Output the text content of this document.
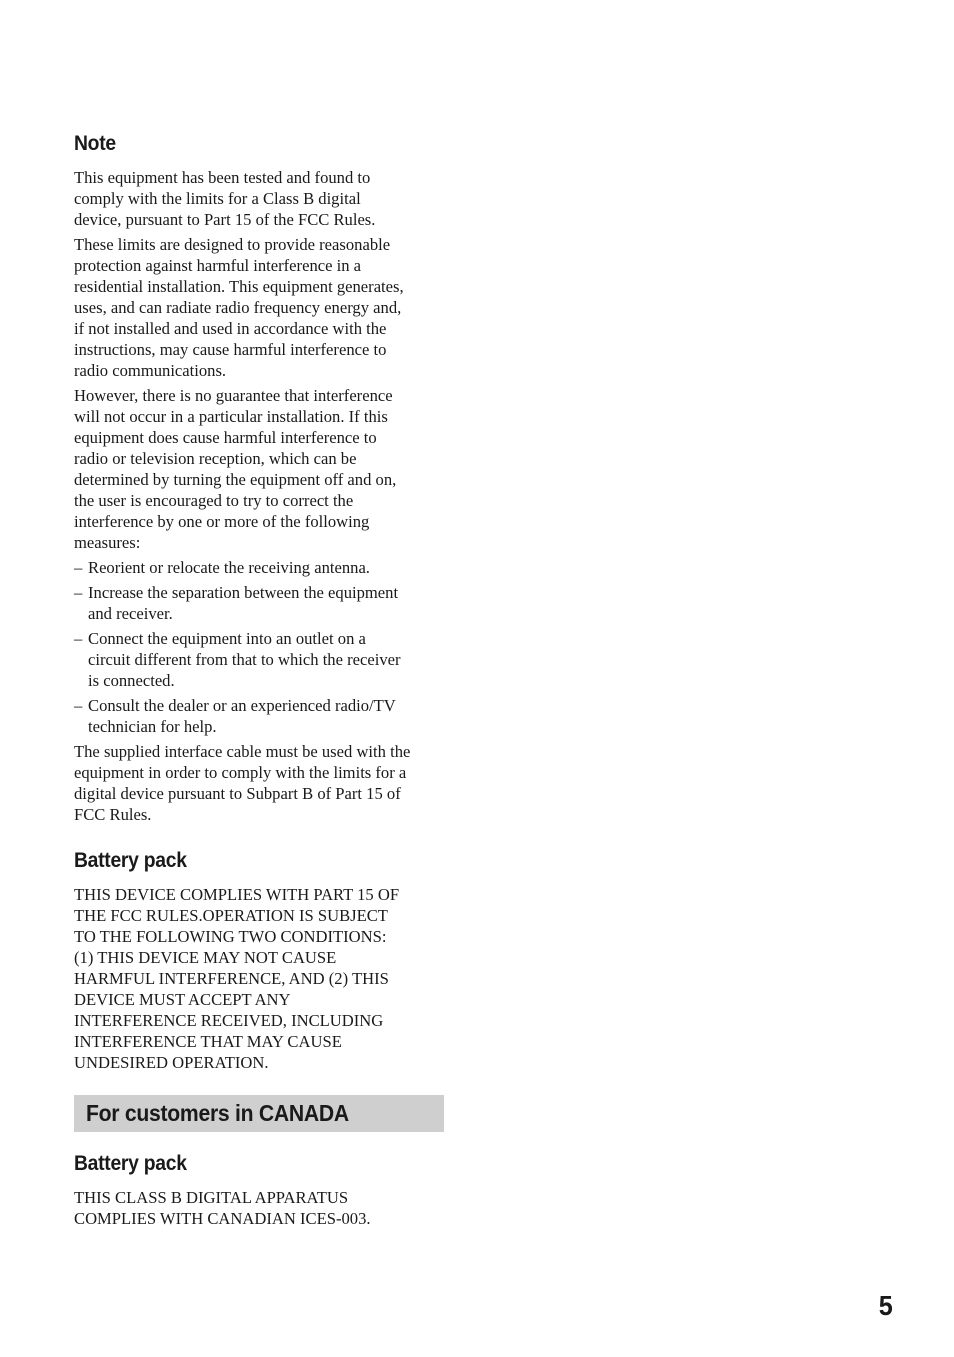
Note

This equipment has been tested and found to
comply with the limits for a Class B digital
device, pursuant to Part 15 of the FCC Rules.

These limits are designed to provide reasonable
protection against harmful interference in a
residential installation. This equipment generates,
uses, and can radiate radio frequency energy and,
if not installed and used in accordance with the
instructions, may cause harmful interference to
radio communications.

However, there is no guarantee that interference
will not occur in a particular installation. If this
equipment does cause harmful interference to
radio or television reception, which can be
determined by turning the equipment off and on,
the user is encouraged to try to correct the
interference by one or more of the following
measures:

– Reorient or relocate the receiving antenna.
– Increase the separation between the equipment
and receiver.
– Connect the equipment into an outlet on a
circuit different from that to which the receiver
is connected.
– Consult the dealer or an experienced radio/TV
technician for help.

The supplied interface cable must be used with the
equipment in order to comply with the limits for a
digital device pursuant to Subpart B of Part 15 of
FCC Rules.

Battery pack

THIS DEVICE COMPLIES WITH PART 15 OF
THE FCC RULES.OPERATION IS SUBJECT
TO THE FOLLOWING TWO CONDITIONS:
(1) THIS DEVICE MAY NOT CAUSE
HARMFUL INTERFERENCE, AND (2) THIS
DEVICE MUST ACCEPT ANY
INTERFERENCE RECEIVED, INCLUDING
INTERFERENCE THAT MAY CAUSE
UNDESIRED OPERATION.

For customers in CANADA
Battery pack

THIS CLASS B DIGITAL APPARATUS
COMPLIES WITH CANADIAN ICES-003.

5
